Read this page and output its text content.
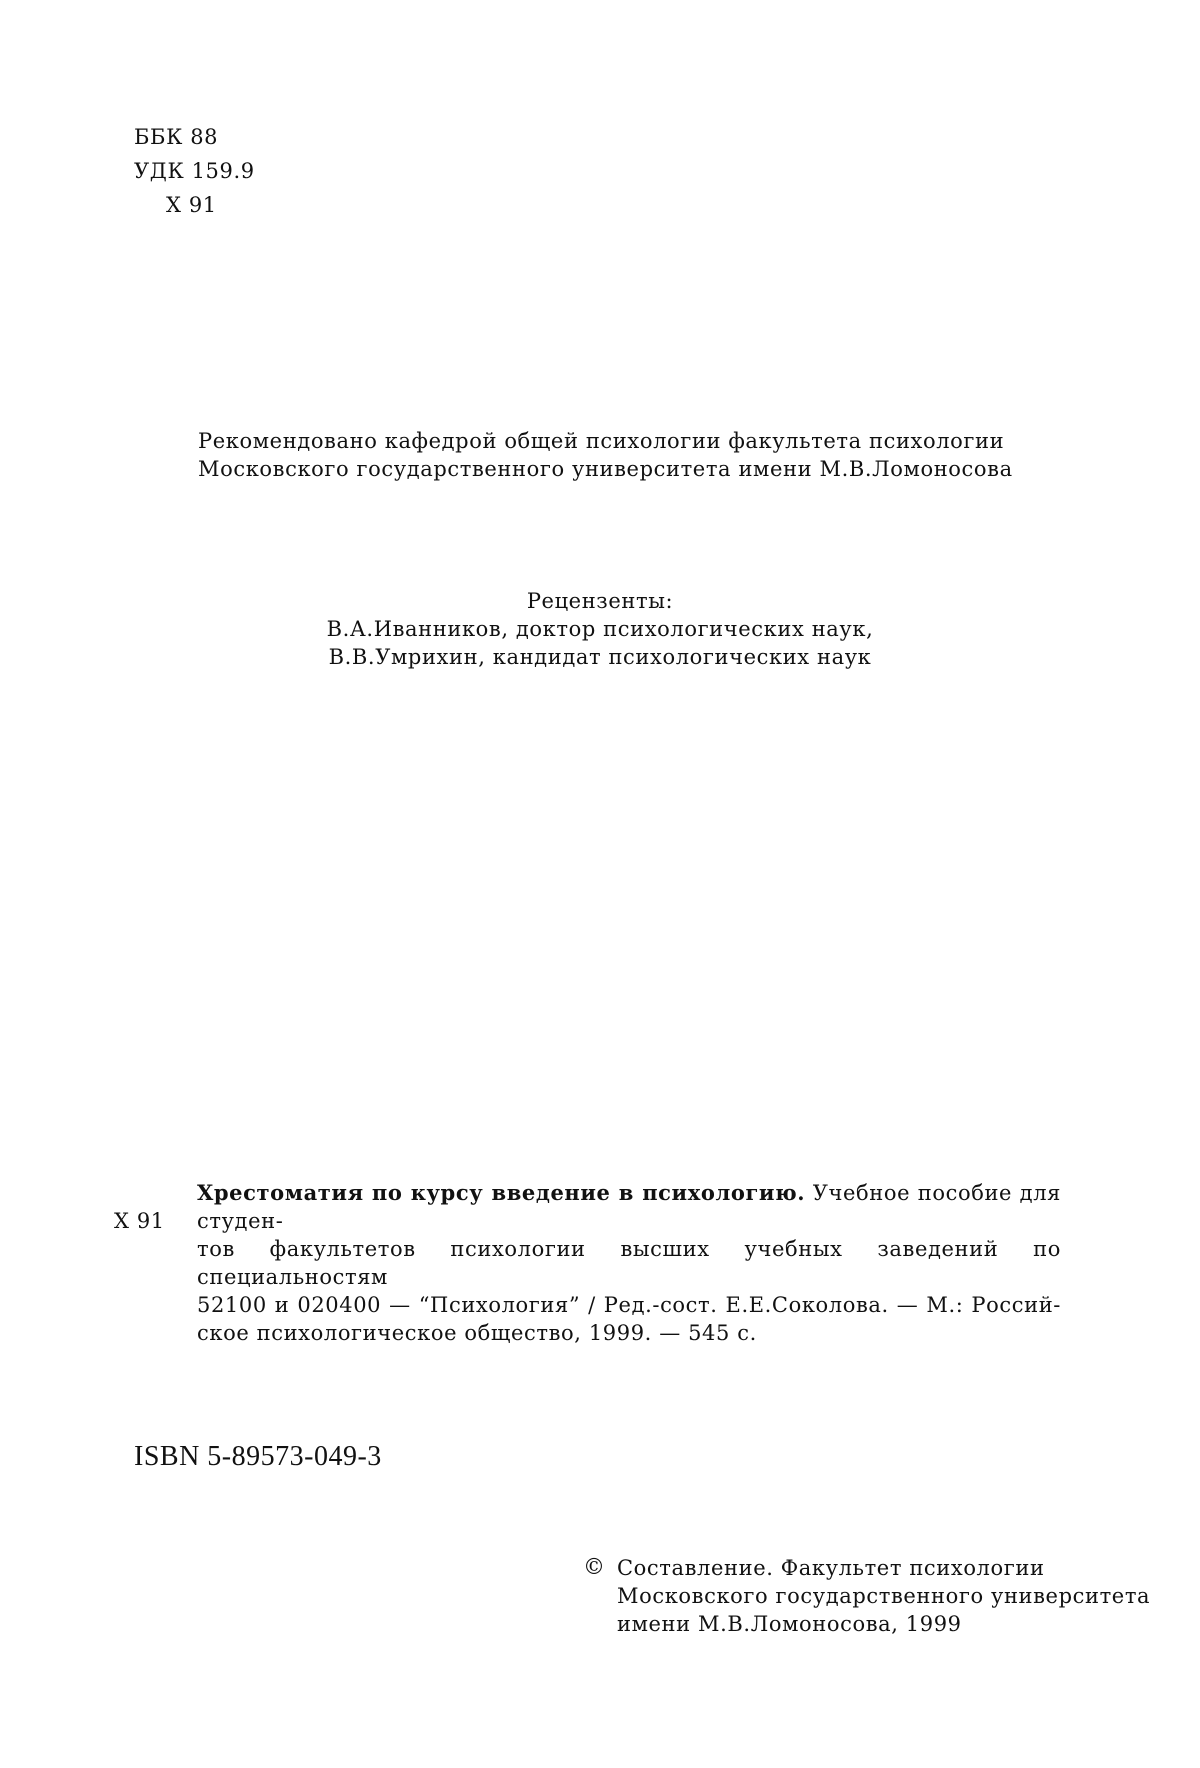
ББК 88
УДК 159.9
Х 91
Рекомендовано кафедрой общей психологии факультета психологии
Московского государственного университета имени М.В.Ломоносова
Рецензенты:
В.А.Иванников, доктор психологических наук,
В.В.Умрихин, кандидат психологических наук
Х 91
Хрестоматия по курсу введение в психологию. Учебное пособие для студен-
тов факультетов психологии высших учебных заведений по специальностям
52100 и 020400 — “Психология” / Ред.-сост. Е.Е.Соколова. — М.: Россий-
ское психологическое общество, 1999. — 545 с.
ISBN 5-89573-049-3
© Составление. Факультет психологии
Московского государственного университета
имени М.В.Ломоносова, 1999
